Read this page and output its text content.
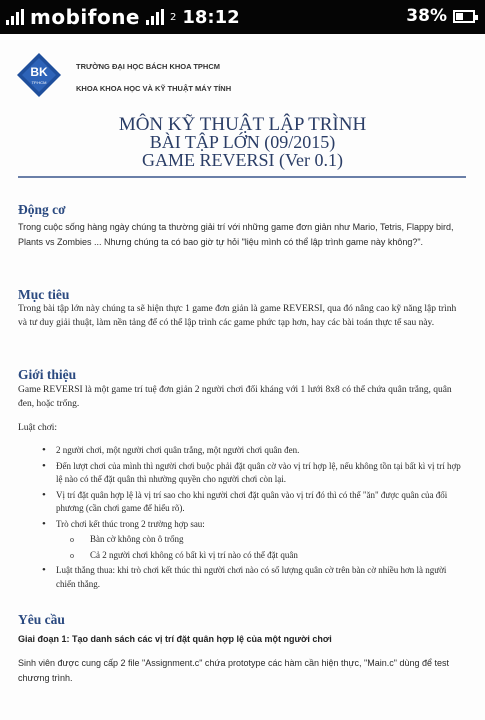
mobifone	2 18:12	38%
BK
TP.HCM
TRƯỜNG ĐẠI HỌC BÁCH KHOA TPHCM
KHOA KHOA HỌC VÀ KỸ THUẬT MÁY TÍNH
MÔN KỸ THUẬT LẬP TRÌNH
BÀI TẬP LỚN (09/2015)
GAME REVERSI (Ver 0.1)
Động cơ

Trong cuộc sống hàng ngày chúng ta thường giải trí với những game đơn giản như Mario, Tetris, Flappy bird, Plants vs Zombies ... Nhưng chúng ta có bao giờ tự hỏi "liệu mình có thể lập trình game này không?".

Mục tiêu

Trong bài tập lớn này chúng ta sẽ hiện thực 1 game đơn giản là game REVERSI, qua đó nâng cao kỹ năng lập trình và tư duy giải thuật, làm nền tảng để có thể lập trình các game phức tạp hơn, hay các bài toán thực tế sau này.

Giới thiệu

Game REVERSI là một game trí tuệ đơn giản 2 người chơi đối kháng với 1 lưới 8x8 có thể chứa quân trắng, quân đen, hoặc trống.

Luật chơi:

• 2 người chơi, một người chơi quân trắng, một người chơi quân đen.
• Đến lượt chơi của mình thì người chơi buộc phải đặt quân cờ vào vị trí hợp lệ, nếu không tồn tại bất kì vị trí hợp lệ nào có thể đặt quân thì nhường quyền cho người chơi còn lại.
• Vị trí đặt quân hợp lệ là vị trí sao cho khi người chơi đặt quân vào vị trí đó thì có thể "ăn" được quân của đối phương (cần chơi game để hiểu rõ).
• Trò chơi kết thúc trong 2 trường hợp sau:
o Bàn cờ không còn ô trống
o Cả 2 người chơi không có bất kì vị trí nào có thể đặt quân
• Luật thắng thua: khi trò chơi kết thúc thì người chơi nào có số lượng quân cờ trên bàn cờ nhiều hơn là người chiến thắng.
Yêu cầu

Giai đoạn 1: Tạo danh sách các vị trí đặt quân hợp lệ của một người chơi

Sinh viên được cung cấp 2 file "Assignment.c" chứa prototype các hàm cần hiện thực, "Main.c" dùng để test chương trình.
